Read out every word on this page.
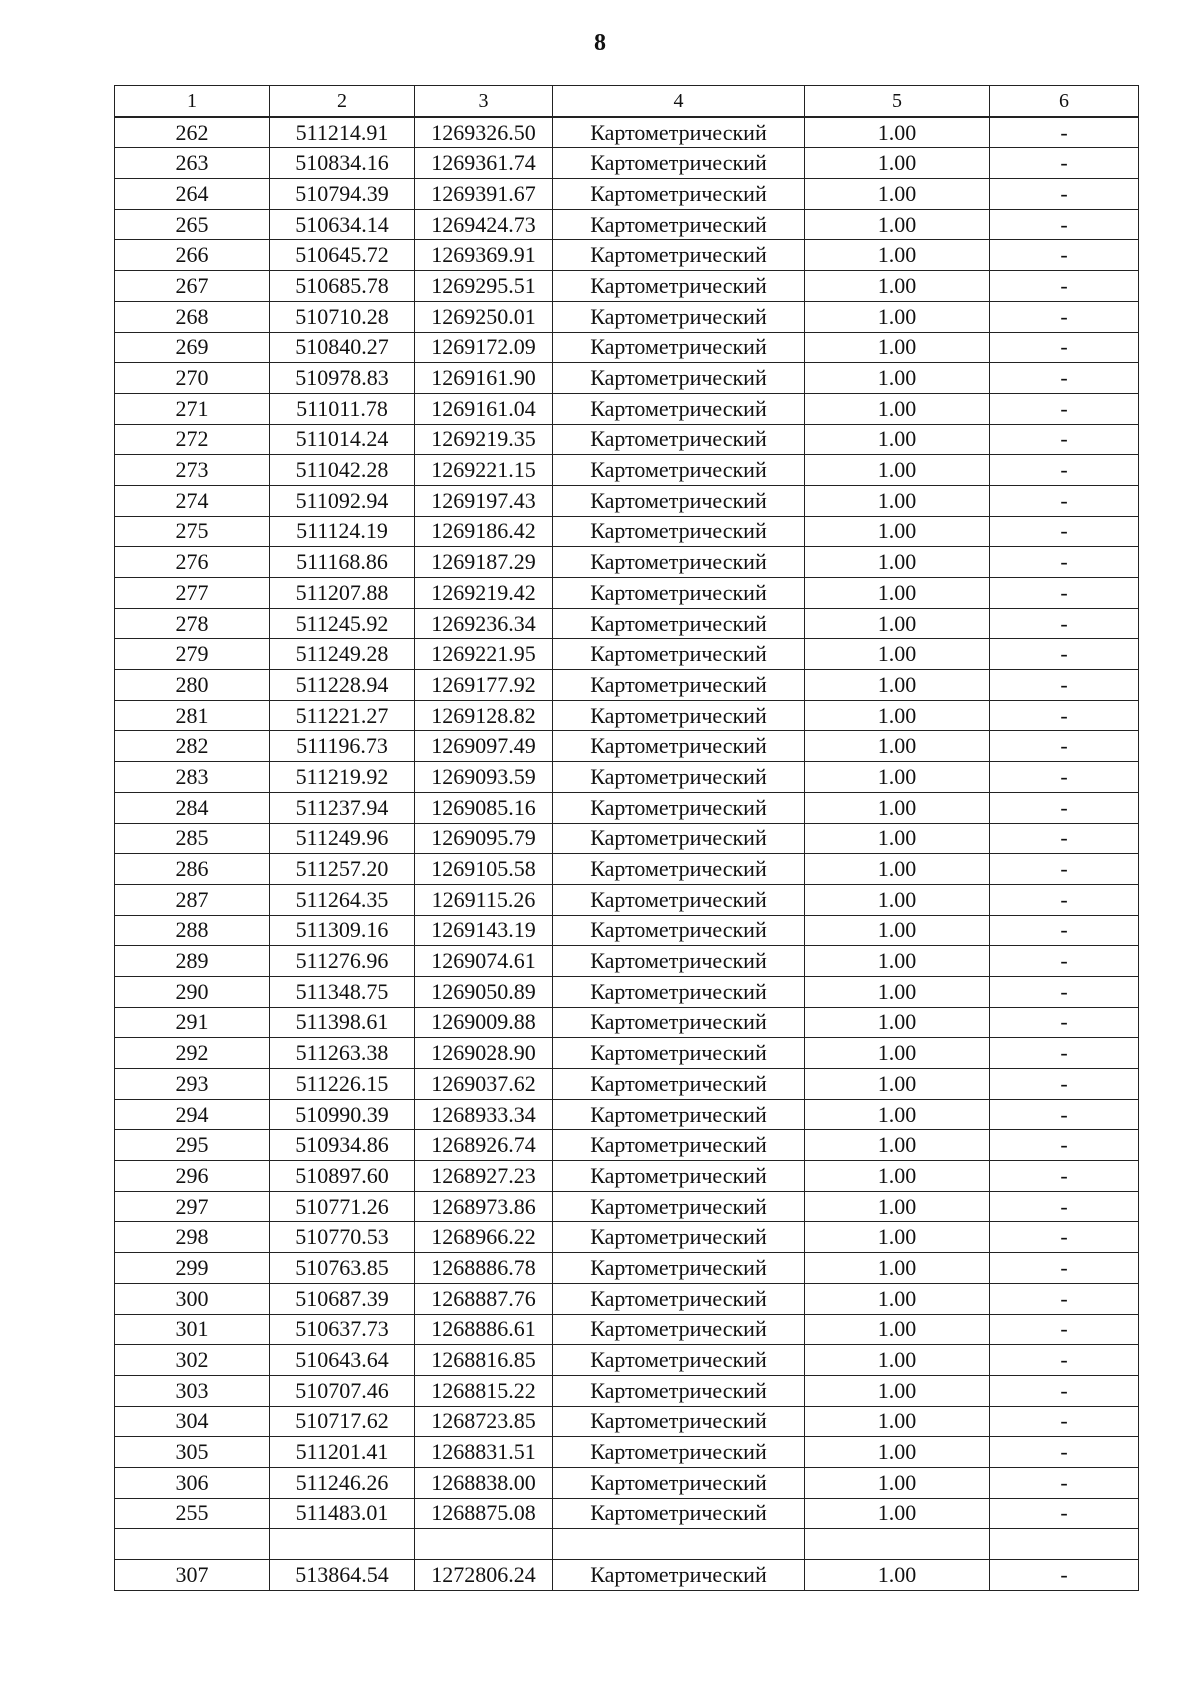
8
1	2	3	4	5	6
262	511214.91	1269326.50	Картометрический	1.00	-
263	510834.16	1269361.74	Картометрический	1.00	-
264	510794.39	1269391.67	Картометрический	1.00	-
265	510634.14	1269424.73	Картометрический	1.00	-
266	510645.72	1269369.91	Картометрический	1.00	-
267	510685.78	1269295.51	Картометрический	1.00	-
268	510710.28	1269250.01	Картометрический	1.00	-
269	510840.27	1269172.09	Картометрический	1.00	-
270	510978.83	1269161.90	Картометрический	1.00	-
271	511011.78	1269161.04	Картометрический	1.00	-
272	511014.24	1269219.35	Картометрический	1.00	-
273	511042.28	1269221.15	Картометрический	1.00	-
274	511092.94	1269197.43	Картометрический	1.00	-
275	511124.19	1269186.42	Картометрический	1.00	-
276	511168.86	1269187.29	Картометрический	1.00	-
277	511207.88	1269219.42	Картометрический	1.00	-
278	511245.92	1269236.34	Картометрический	1.00	-
279	511249.28	1269221.95	Картометрический	1.00	-
280	511228.94	1269177.92	Картометрический	1.00	-
281	511221.27	1269128.82	Картометрический	1.00	-
282	511196.73	1269097.49	Картометрический	1.00	-
283	511219.92	1269093.59	Картометрический	1.00	-
284	511237.94	1269085.16	Картометрический	1.00	-
285	511249.96	1269095.79	Картометрический	1.00	-
286	511257.20	1269105.58	Картометрический	1.00	-
287	511264.35	1269115.26	Картометрический	1.00	-
288	511309.16	1269143.19	Картометрический	1.00	-
289	511276.96	1269074.61	Картометрический	1.00	-
290	511348.75	1269050.89	Картометрический	1.00	-
291	511398.61	1269009.88	Картометрический	1.00	-
292	511263.38	1269028.90	Картометрический	1.00	-
293	511226.15	1269037.62	Картометрический	1.00	-
294	510990.39	1268933.34	Картометрический	1.00	-
295	510934.86	1268926.74	Картометрический	1.00	-
296	510897.60	1268927.23	Картометрический	1.00	-
297	510771.26	1268973.86	Картометрический	1.00	-
298	510770.53	1268966.22	Картометрический	1.00	-
299	510763.85	1268886.78	Картометрический	1.00	-
300	510687.39	1268887.76	Картометрический	1.00	-
301	510637.73	1268886.61	Картометрический	1.00	-
302	510643.64	1268816.85	Картометрический	1.00	-
303	510707.46	1268815.22	Картометрический	1.00	-
304	510717.62	1268723.85	Картометрический	1.00	-
305	511201.41	1268831.51	Картометрический	1.00	-
306	511246.26	1268838.00	Картометрический	1.00	-
255	511483.01	1268875.08	Картометрический	1.00	-

307	513864.54	1272806.24	Картометрический	1.00	-
